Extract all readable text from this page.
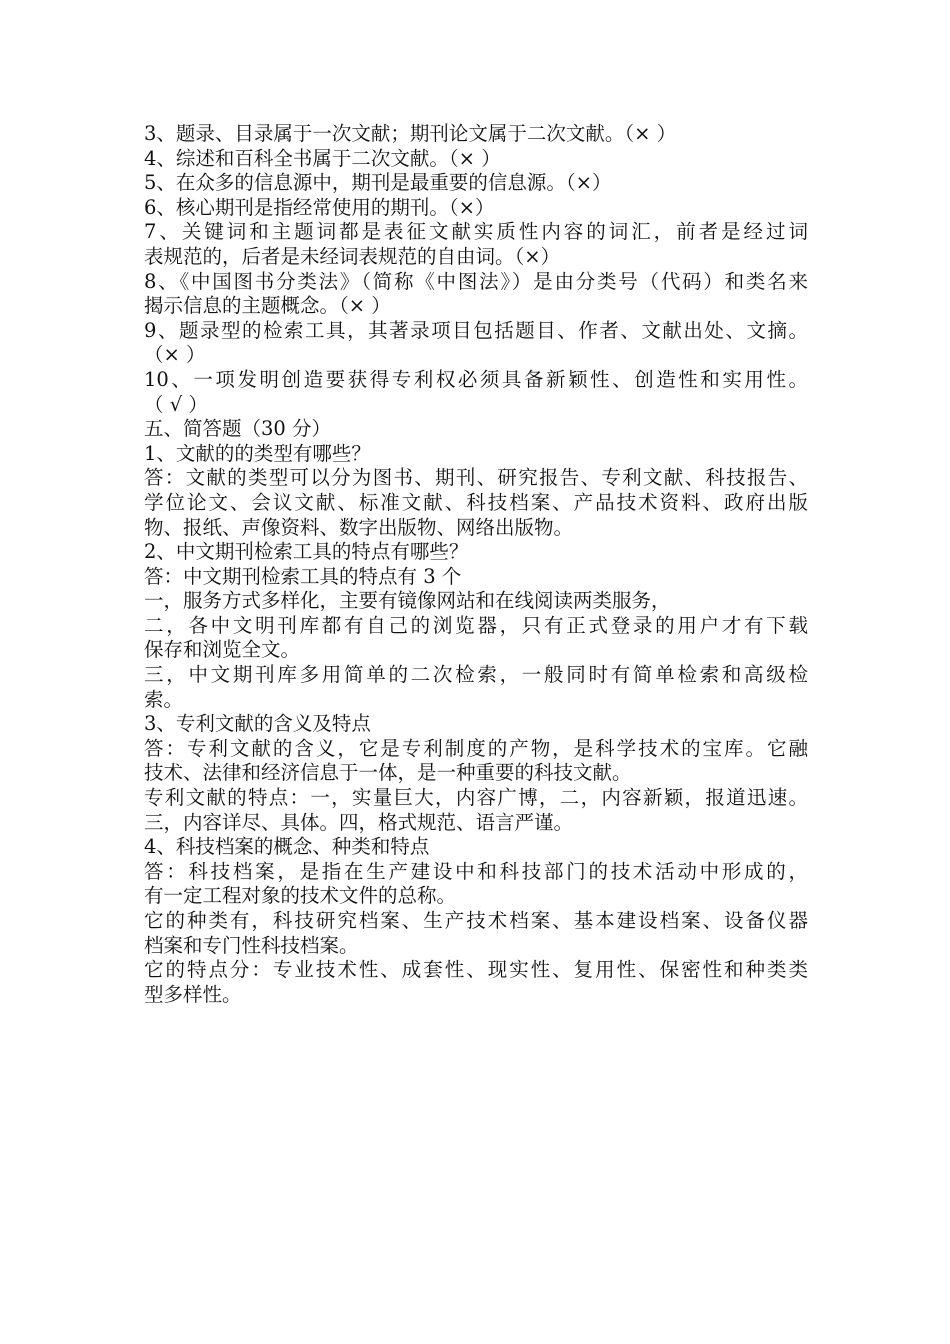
3、题录、目录属于一次文献；期刊论文属于二次文献。（× ）
4、综述和百科全书属于二次文献。（× ）
5、在众多的信息源中，期刊是最重要的信息源。（×）
6、核心期刊是指经常使用的期刊。（×）
7、关键词和主题词都是表征文献实质性内容的词汇，前者是经过词
表规范的，后者是未经词表规范的自由词。（×）
8、《中国图书分类法》（简称《中图法》）是由分类号（代码）和类名来
揭示信息的主题概念。（× ）
9、题录型的检索工具，其著录项目包括题目、作者、文献出处、文摘。
（× ）
10、一项发明创造要获得专利权必须具备新颖性、创造性和实用性。
（ √ ）
五、简答题（30 分）
1、文献的的类型有哪些？
答：文献的类型可以分为图书、期刊、研究报告、专利文献、科技报告、
学位论文、会议文献、标准文献、科技档案、产品技术资料、政府出版
物、报纸、声像资料、数字出版物、网络出版物。
2、中文期刊检索工具的特点有哪些？
答：中文期刊检索工具的特点有 3 个
一，服务方式多样化，主要有镜像网站和在线阅读两类服务，
二，各中文明刊库都有自己的浏览器，只有正式登录的用户才有下载
保存和浏览全文。
三，中文期刊库多用简单的二次检索，一般同时有简单检索和高级检
索。
3、专利文献的含义及特点
答：专利文献的含义，它是专利制度的产物，是科学技术的宝库。它融
技术、法律和经济信息于一体，是一种重要的科技文献。
专利文献的特点：一，实量巨大，内容广博，二，内容新颖，报道迅速。
三，内容详尽、具体。四，格式规范、语言严谨。
4、科技档案的概念、种类和特点
答：科技档案，是指在生产建设中和科技部门的技术活动中形成的，
有一定工程对象的技术文件的总称。
它的种类有，科技研究档案、生产技术档案、基本建设档案、设备仪器
档案和专门性科技档案。
它的特点分：专业技术性、成套性、现实性、复用性、保密性和种类类
型多样性。
